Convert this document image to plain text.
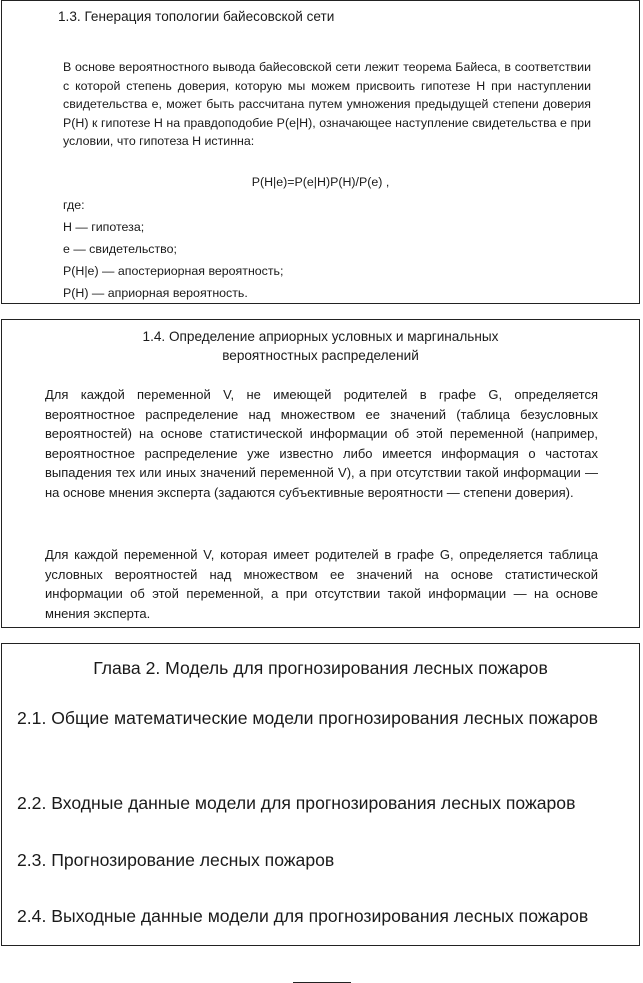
1.3. Генерация топологии байесовской сети

В основе вероятностного вывода байесовской сети лежит теорема Байеса, в соответствии с которой степень доверия, которую мы можем присвоить гипотезе H при наступлении свидетельства e, может быть рассчитана путем умножения предыдущей степени доверия P(H) к гипотезе H на правдоподобие P(e|H), означающее наступление свидетельства e при условии, что гипотеза H истинна:

P(H|e)=P(e|H)P(H)/P(e) ,
где:
H — гипотеза;
e — свидетельство;
P(H|e) — апостериорная вероятность;
P(H) — априорная вероятность.
1.4. Определение априорных условных и маргинальных
вероятностных распределений

Для каждой переменной V, не имеющей родителей в графе G, определяется вероятностное распределение над множеством ее значений (таблица безусловных вероятностей) на основе статистической информации об этой переменной (например, вероятностное распределение уже известно либо имеется информация о частотах выпадения тех или иных значений переменной V), а при отсутствии такой информации — на основе мнения эксперта (задаются субъективные вероятности — степени доверия).

Для каждой переменной V, которая имеет родителей в графе G, определяется таблица условных вероятностей над множеством ее значений на основе статистической информации об этой переменной, а при отсутствии такой информации — на основе мнения эксперта.

Глава 2. Модель для прогнозирования лесных пожаров
2.1. Общие математические модели прогнозирования лесных пожаров
2.2. Входные данные модели для прогнозирования лесных пожаров
2.3. Прогнозирование лесных пожаров
2.4. Выходные данные модели для прогнозирования лесных пожаров
